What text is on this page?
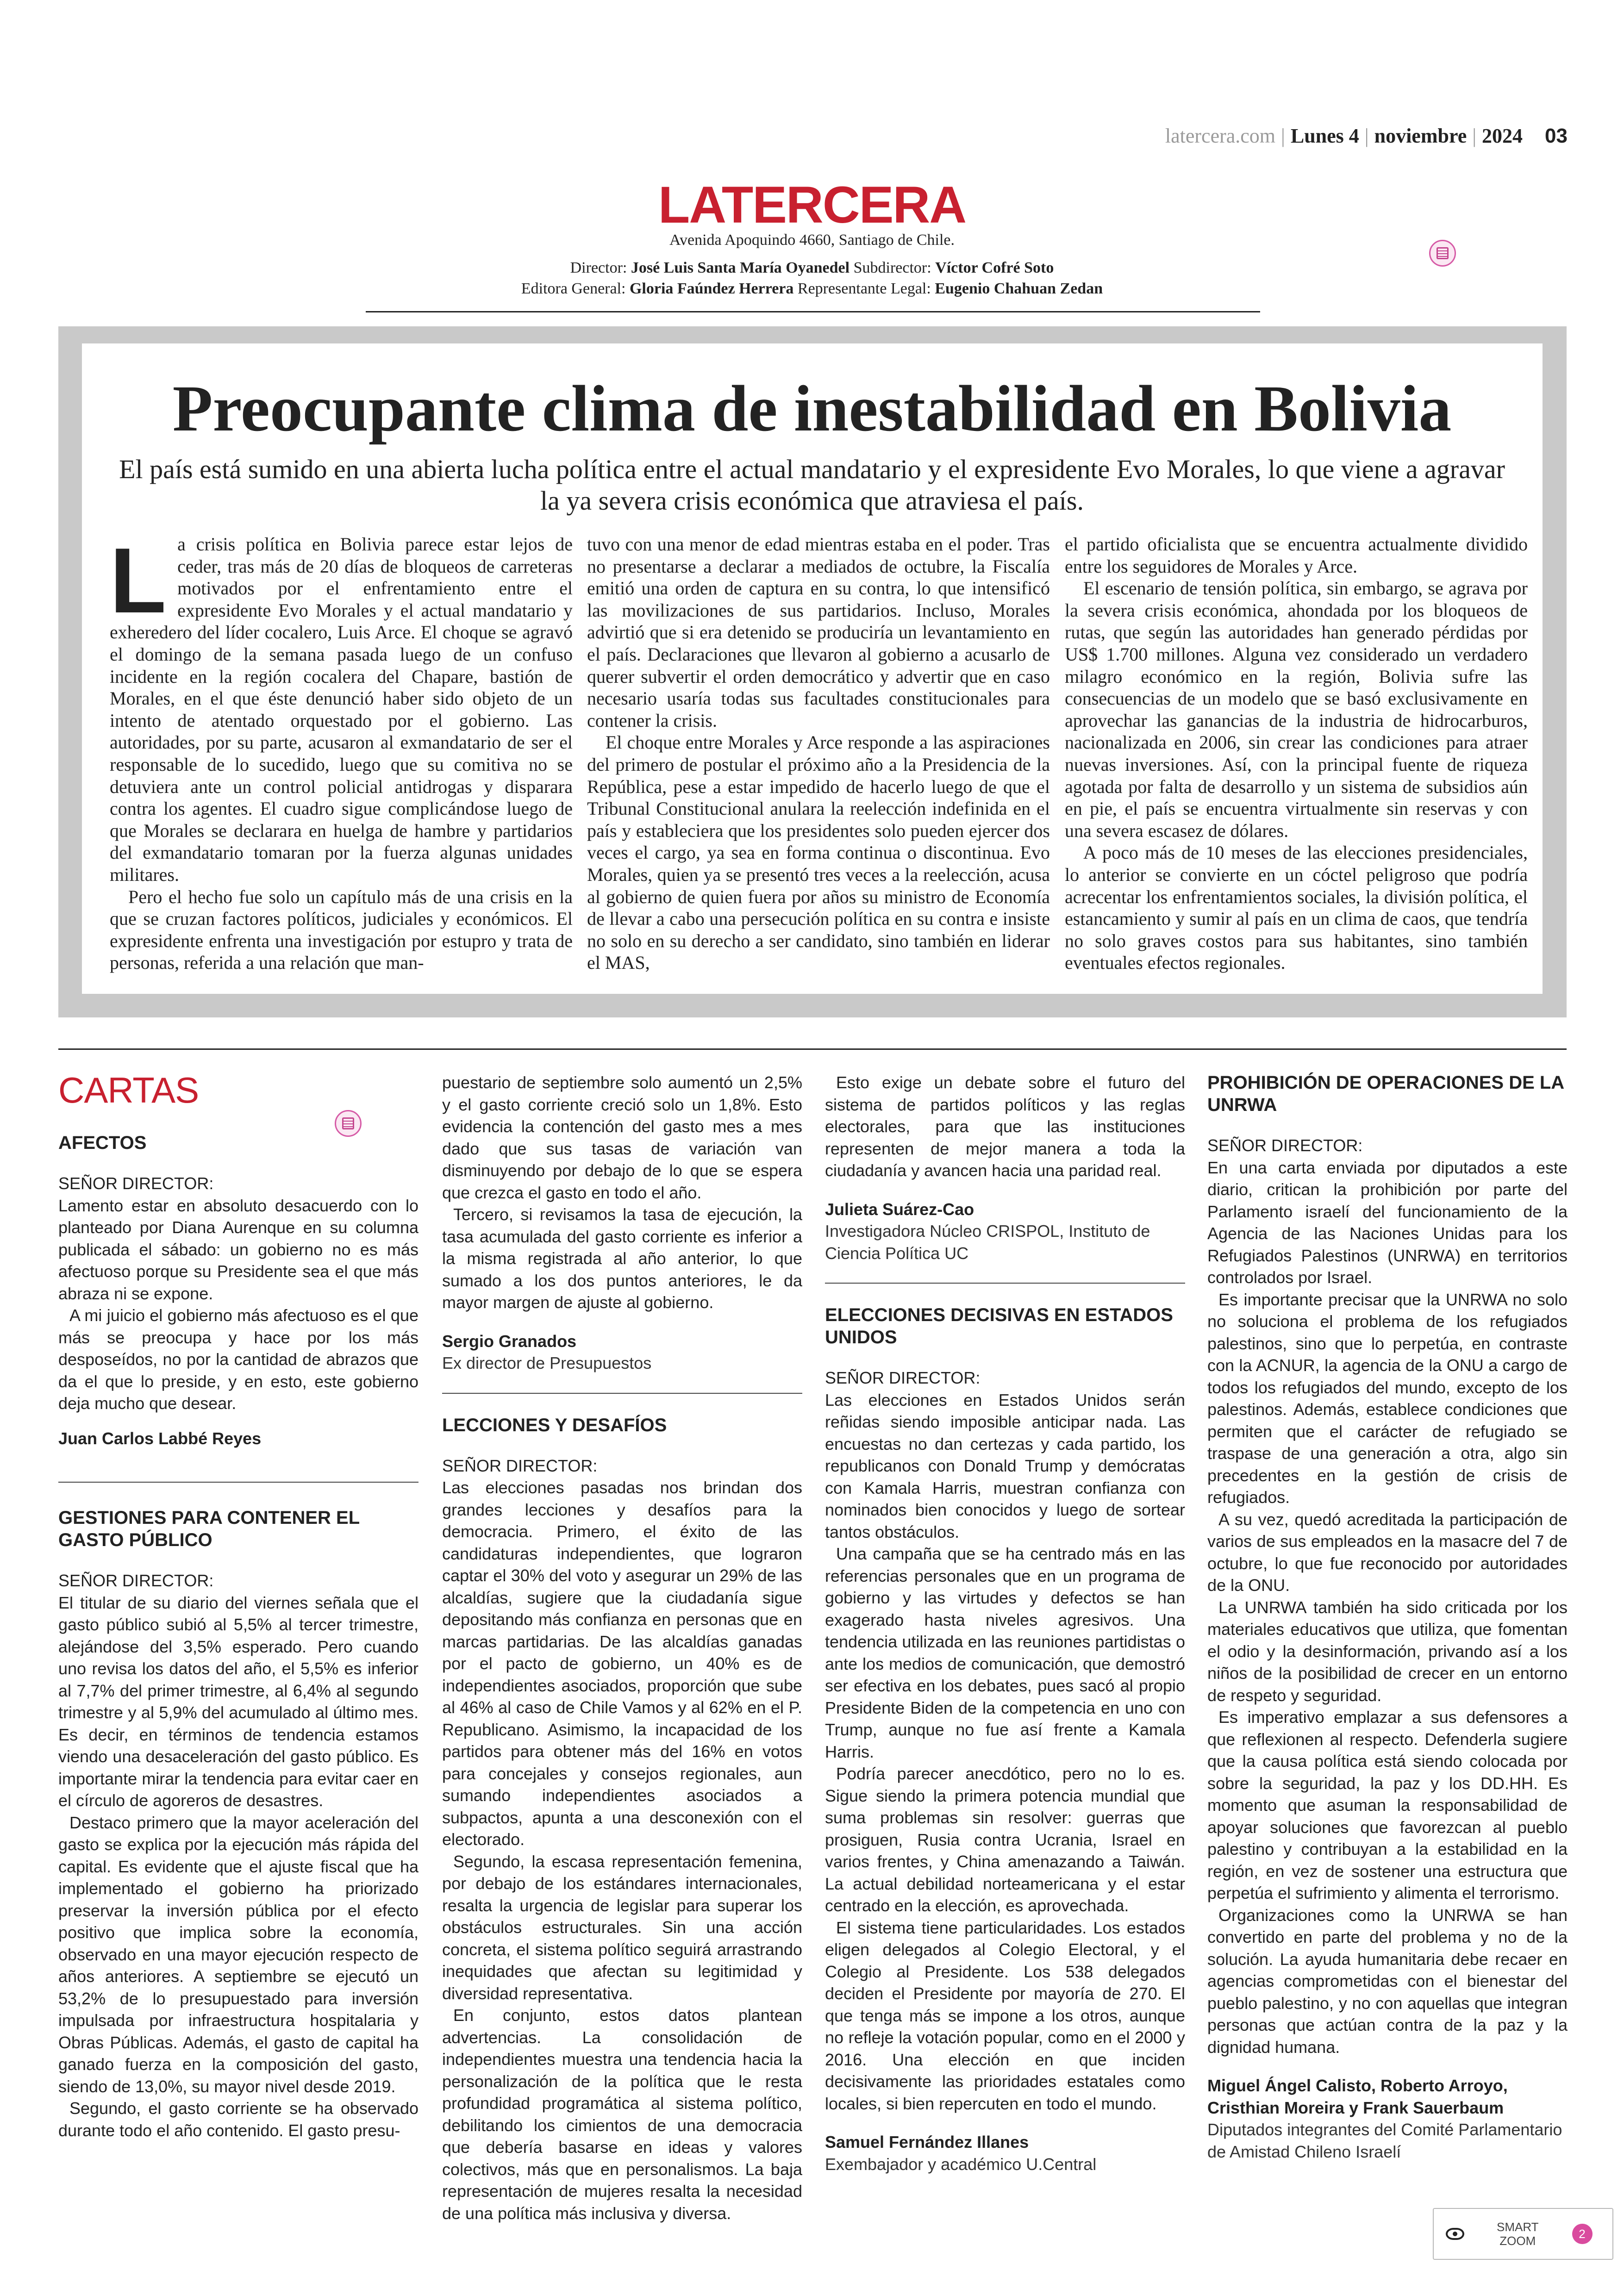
latercera.com | Lunes 4 | noviembre | 2024 03
LATERCERA
Avenida Apoquindo 4660, Santiago de Chile.
Director: José Luis Santa María Oyanedel Subdirector: Víctor Cofré Soto
Editora General: Gloria Faúndez Herrera Representante Legal: Eugenio Chahuan Zedan
Preocupante clima de inestabilidad en Bolivia

El país está sumido en una abierta lucha política entre el actual mandatario y el expresidente Evo Morales, lo que viene a agravar la ya severa crisis económica que atraviesa el país.

L a crisis política en Bolivia parece estar lejos de ceder, tras más de 20 días de bloqueos de carreteras motivados por el enfrentamiento entre el expresidente Evo Morales y el actual mandatario y exheredero del líder cocalero, Luis Arce. El choque se agravó el domingo de la semana pasada luego de un confuso incidente en la región cocalera del Chapare, bastión de Morales, en el que éste denunció haber sido objeto de un intento de atentado orquestado por el gobierno. Las autoridades, por su parte, acusaron al exmandatario de ser el responsable de lo sucedido, luego que su comitiva no se detuviera ante un control policial antidrogas y disparara contra los agentes. El cuadro sigue complicándose luego de que Morales se declarara en huelga de hambre y partidarios del exmandatario tomaran por la fuerza algunas unidades militares.

Pero el hecho fue solo un capítulo más de una crisis en la que se cruzan factores políticos, judiciales y económicos. El expresidente enfrenta una investigación por estupro y trata de personas, referida a una relación que man-

tuvo con una menor de edad mientras estaba en el poder. Tras no presentarse a declarar a mediados de octubre, la Fiscalía emitió una orden de captura en su contra, lo que intensificó las movilizaciones de sus partidarios. Incluso, Morales advirtió que si era detenido se produciría un levantamiento en el país. Declaraciones que llevaron al gobierno a acusarlo de querer subvertir el orden democrático y advertir que en caso necesario usaría todas sus facultades constitucionales para contener la crisis.

El choque entre Morales y Arce responde a las aspiraciones del primero de postular el próximo año a la Presidencia de la República, pese a estar impedido de hacerlo luego de que el Tribunal Constitucional anulara la reelección indefinida en el país y estableciera que los presidentes solo pueden ejercer dos veces el cargo, ya sea en forma continua o discontinua. Evo Morales, quien ya se presentó tres veces a la reelección, acusa al gobierno de quien fuera por años su ministro de Economía de llevar a cabo una persecución política en su contra e insiste no solo en su derecho a ser candidato, sino también en liderar el MAS,

el partido oficialista que se encuentra actualmente dividido entre los seguidores de Morales y Arce.

El escenario de tensión política, sin embargo, se agrava por la severa crisis económica, ahondada por los bloqueos de rutas, que según las autoridades han generado pérdidas por US$ 1.700 millones. Alguna vez considerado un verdadero milagro económico en la región, Bolivia sufre las consecuencias de un modelo que se basó exclusivamente en aprovechar las ganancias de la industria de hidrocarburos, nacionalizada en 2006, sin crear las condiciones para atraer nuevas inversiones. Así, con la principal fuente de riqueza agotada por falta de desarrollo y un sistema de subsidios aún en pie, el país se encuentra virtualmente sin reservas y con una severa escasez de dólares.

A poco más de 10 meses de las elecciones presidenciales, lo anterior se convierte en un cóctel peligroso que podría acrecentar los enfrentamientos sociales, la división política, el estancamiento y sumir al país en un clima de caos, que tendría no solo graves costos para sus habitantes, sino también eventuales efectos regionales.

CARTAS

AFECTOS

SEÑOR DIRECTOR:

Lamento estar en absoluto desacuerdo con lo planteado por Diana Aurenque en su columna publicada el sábado: un gobierno no es más afectuoso porque su Presidente sea el que más abraza ni se expone.

A mi juicio el gobierno más afectuoso es el que más se preocupa y hace por los más desposeídos, no por la cantidad de abrazos que da el que lo preside, y en esto, este gobierno deja mucho que desear.

Juan Carlos Labbé Reyes

GESTIONES PARA CONTENER EL GASTO PÚBLICO

SEÑOR DIRECTOR:

El titular de su diario del viernes señala que el gasto público subió al 5,5% al tercer trimestre, alejándose del 3,5% esperado. Pero cuando uno revisa los datos del año, el 5,5% es inferior al 7,7% del primer trimestre, al 6,4% al segundo trimestre y al 5,9% del acumulado al último mes. Es decir, en términos de tendencia estamos viendo una desaceleración del gasto público. Es importante mirar la tendencia para evitar caer en el círculo de agoreros de desastres.

Destaco primero que la mayor aceleración del gasto se explica por la ejecución más rápida del capital. Es evidente que el ajuste fiscal que ha implementado el gobierno ha priorizado preservar la inversión pública por el efecto positivo que implica sobre la economía, observado en una mayor ejecución respecto de años anteriores. A septiembre se ejecutó un 53,2% de lo presupuestado para inversión impulsada por infraestructura hospitalaria y Obras Públicas. Además, el gasto de capital ha ganado fuerza en la composición del gasto, siendo de 13,0%, su mayor nivel desde 2019.

Segundo, el gasto corriente se ha observado durante todo el año contenido. El gasto presu-

puestario de septiembre solo aumentó un 2,5% y el gasto corriente creció solo un 1,8%. Esto evidencia la contención del gasto mes a mes dado que sus tasas de variación van disminuyendo por debajo de lo que se espera que crezca el gasto en todo el año.

Tercero, si revisamos la tasa de ejecución, la tasa acumulada del gasto corriente es inferior a la misma registrada al año anterior, lo que sumado a los dos puntos anteriores, le da mayor margen de ajuste al gobierno.

Sergio Granados

Ex director de Presupuestos

LECCIONES Y DESAFÍOS

SEÑOR DIRECTOR:

Las elecciones pasadas nos brindan dos grandes lecciones y desafíos para la democracia. Primero, el éxito de las candidaturas independientes, que lograron captar el 30% del voto y asegurar un 29% de las alcaldías, sugiere que la ciudadanía sigue depositando más confianza en personas que en marcas partidarias. De las alcaldías ganadas por el pacto de gobierno, un 40% es de independientes asociados, proporción que sube al 46% al caso de Chile Vamos y al 62% en el P. Republicano. Asimismo, la incapacidad de los partidos para obtener más del 16% en votos para concejales y consejos regionales, aun sumando independientes asociados a subpactos, apunta a una desconexión con el electorado.

Segundo, la escasa representación femenina, por debajo de los estándares internacionales, resalta la urgencia de legislar para superar los obstáculos estructurales. Sin una acción concreta, el sistema político seguirá arrastrando inequidades que afectan su legitimidad y diversidad representativa.

En conjunto, estos datos plantean advertencias. La consolidación de independientes muestra una tendencia hacia la personalización de la política que le resta profundidad programática al sistema político, debilitando los cimientos de una democracia que debería basarse en ideas y valores colectivos, más que en personalismos. La baja representación de mujeres resalta la necesidad de una política más inclusiva y diversa.

Esto exige un debate sobre el futuro del sistema de partidos políticos y las reglas electorales, para que las instituciones representen de mejor manera a toda la ciudadanía y avancen hacia una paridad real.

Julieta Suárez-Cao

Investigadora Núcleo CRISPOL, Instituto de Ciencia Política UC

ELECCIONES DECISIVAS EN ESTADOS UNIDOS

SEÑOR DIRECTOR:

Las elecciones en Estados Unidos serán reñidas siendo imposible anticipar nada. Las encuestas no dan certezas y cada partido, los republicanos con Donald Trump y demócratas con Kamala Harris, muestran confianza con nominados bien conocidos y luego de sortear tantos obstáculos.

Una campaña que se ha centrado más en las referencias personales que en un programa de gobierno y las virtudes y defectos se han exagerado hasta niveles agresivos. Una tendencia utilizada en las reuniones partidistas o ante los medios de comunicación, que demostró ser efectiva en los debates, pues sacó al propio Presidente Biden de la competencia en uno con Trump, aunque no fue así frente a Kamala Harris.

Podría parecer anecdótico, pero no lo es. Sigue siendo la primera potencia mundial que suma problemas sin resolver: guerras que prosiguen, Rusia contra Ucrania, Israel en varios frentes, y China amenazando a Taiwán. La actual debilidad norteamericana y el estar centrado en la elección, es aprovechada.

El sistema tiene particularidades. Los estados eligen delegados al Colegio Electoral, y el Colegio al Presidente. Los 538 delegados deciden el Presidente por mayoría de 270. El que tenga más se impone a los otros, aunque no refleje la votación popular, como en el 2000 y 2016. Una elección en que inciden decisivamente las prioridades estatales como locales, si bien repercuten en todo el mundo.

Samuel Fernández Illanes

Exembajador y académico U.Central

PROHIBICIÓN DE OPERACIONES DE LA UNRWA

SEÑOR DIRECTOR:

En una carta enviada por diputados a este diario, critican la prohibición por parte del Parlamento israelí del funcionamiento de la Agencia de las Naciones Unidas para los Refugiados Palestinos (UNRWA) en territorios controlados por Israel.

Es importante precisar que la UNRWA no solo no soluciona el problema de los refugiados palestinos, sino que lo perpetúa, en contraste con la ACNUR, la agencia de la ONU a cargo de todos los refugiados del mundo, excepto de los palestinos. Además, establece condiciones que permiten que el carácter de refugiado se traspase de una generación a otra, algo sin precedentes en la gestión de crisis de refugiados.

A su vez, quedó acreditada la participación de varios de sus empleados en la masacre del 7 de octubre, lo que fue reconocido por autoridades de la ONU.

La UNRWA también ha sido criticada por los materiales educativos que utiliza, que fomentan el odio y la desinformación, privando así a los niños de la posibilidad de crecer en un entorno de respeto y seguridad.

Es imperativo emplazar a sus defensores a que reflexionen al respecto. Defenderla sugiere que la causa política está siendo colocada por sobre la seguridad, la paz y los DD.HH. Es momento que asuman la responsabilidad de apoyar soluciones que favorezcan al pueblo palestino y contribuyan a la estabilidad en la región, en vez de sostener una estructura que perpetúa el sufrimiento y alimenta el terrorismo.

Organizaciones como la UNRWA se han convertido en parte del problema y no de la solución. La ayuda humanitaria debe recaer en agencias comprometidas con el bienestar del pueblo palestino, y no con aquellas que integran personas que actúan contra de la paz y la dignidad humana.

Miguel Ángel Calisto, Roberto Arroyo, Cristhian Moreira y Frank Sauerbaum

Diputados integrantes del Comité Parlamentario de Amistad Chileno Israelí

SMART
ZOOM
2
